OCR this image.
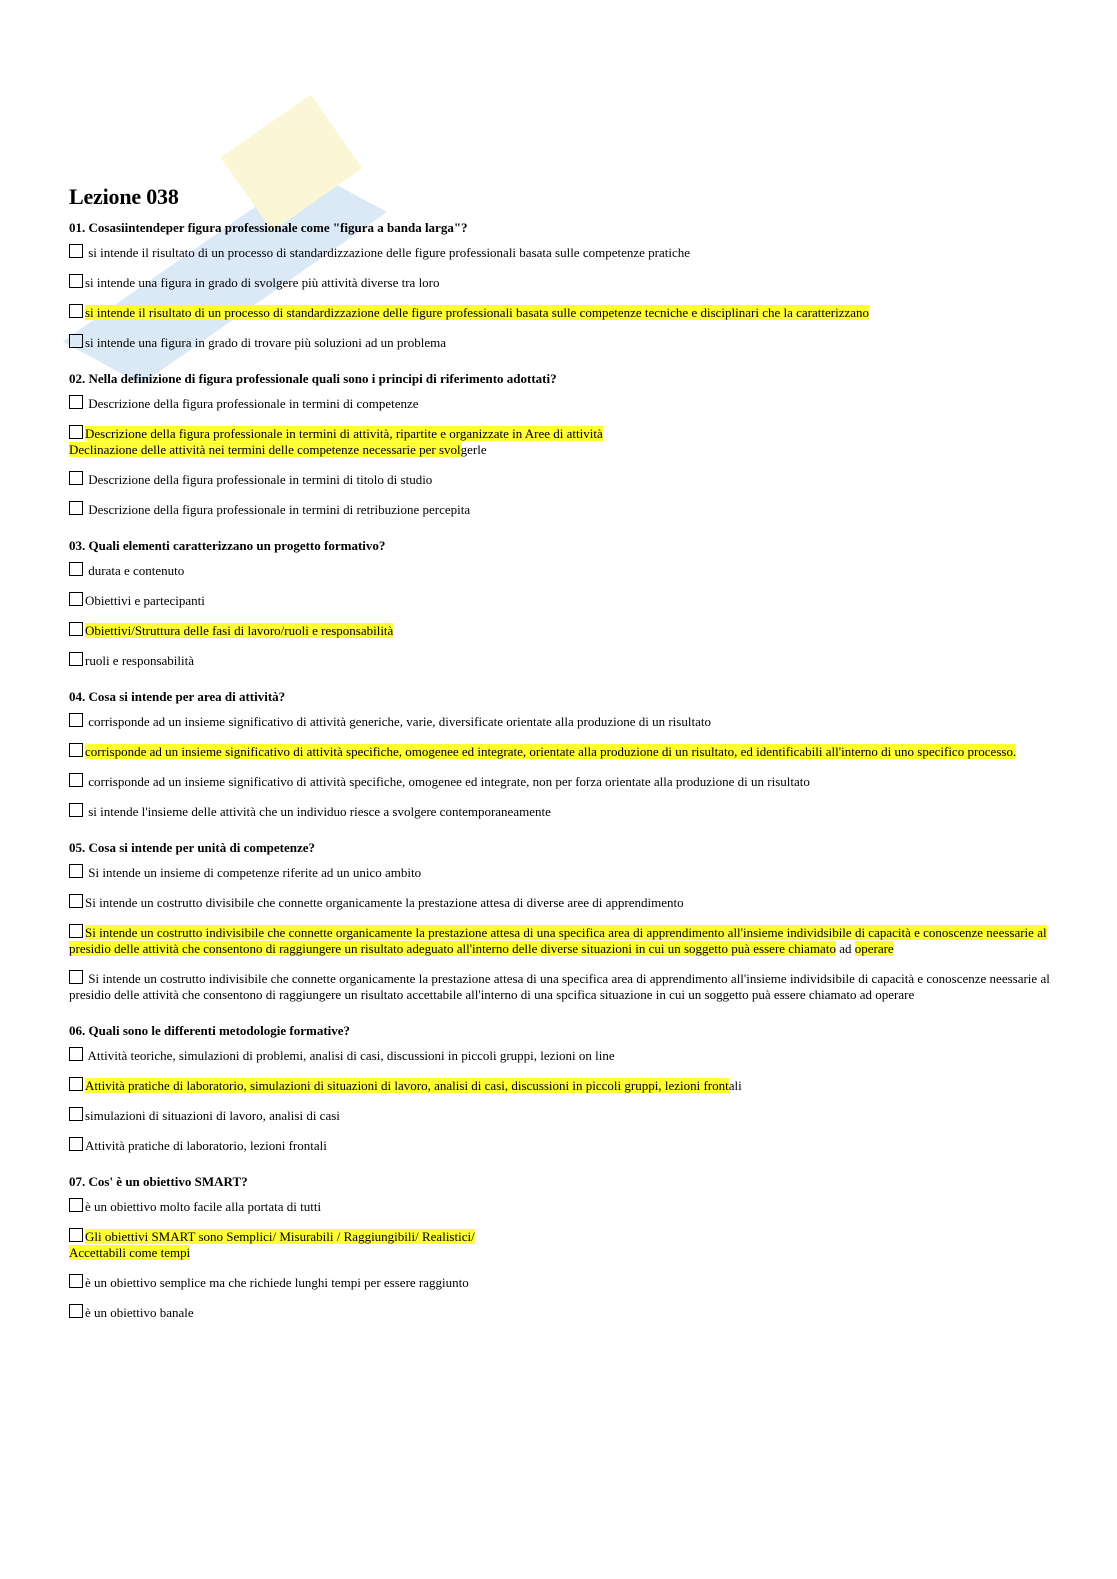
Lezione 038
01. Cosasiintendeper figura professionale come "figura a banda larga"?
si intende il risultato di un processo di standardizzazione delle figure professionali basata sulle competenze pratiche
si intende una figura in grado di svolgere più attività diverse tra loro
si intende il risultato di un processo di standardizzazione delle figure professionali basata sulle competenze tecniche e disciplinari che la caratterizzano
si intende una figura in grado di trovare più soluzioni ad un problema
02. Nella definizione di figura professionale quali sono i principi di riferimento adottati?
Descrizione della figura professionale in termini di competenze
Descrizione della figura professionale in termini di attività, ripartite e organizzate in Aree di attività
Declinazione delle attività nei termini delle competenze necessarie per svolgerle
Descrizione della figura professionale in termini di titolo di studio
Descrizione della figura professionale in termini di retribuzione percepita
03. Quali elementi caratterizzano un progetto formativo?
durata e contenuto
Obiettivi e partecipanti
Obiettivi/Struttura delle fasi di lavoro/ruoli e responsabilità
ruoli e responsabilità
04. Cosa si intende per area di attività?
corrisponde ad un insieme significativo di attività generiche, varie, diversificate orientate alla produzione di un risultato
corrisponde ad un insieme significativo di attività specifiche, omogenee ed integrate, orientate alla produzione di un risultato, ed identificabili all'interno di uno specifico processo.
corrisponde ad un insieme significativo di attività specifiche, omogenee ed integrate, non per forza orientate alla produzione di un risultato
si intende l'insieme delle attività che un individuo riesce a svolgere contemporaneamente
05. Cosa si intende per unità di competenze?
Si intende un insieme di competenze riferite ad un unico ambito
Si intende un costrutto divisibile che connette organicamente la prestazione attesa di diverse aree di apprendimento
Si intende un costrutto indivisibile che connette organicamente la prestazione attesa di una specifica area di apprendimento all'insieme individsibile di capacità e conoscenze neessarie al presidio delle attività che consentono di raggiungere un risultato adeguato all'interno delle diverse situazioni in cui un soggetto puà essere chiamato ad operare
Si intende un costrutto indivisibile che connette organicamente la prestazione attesa di una specifica area di apprendimento all'insieme individsibile di capacità e conoscenze neessarie al presidio delle attività che consentono di raggiungere un risultato accettabile all'interno di una spcifica situazione in cui un soggetto puà essere chiamato ad operare
06. Quali sono le differenti metodologie formative?
Attività teoriche, simulazioni di problemi, analisi di casi, discussioni in piccoli gruppi, lezioni on line
Attività pratiche di laboratorio, simulazioni di situazioni di lavoro, analisi di casi, discussioni in piccoli gruppi, lezioni frontali
simulazioni di situazioni di lavoro, analisi di casi
Attività pratiche di laboratorio, lezioni frontali
07. Cos' è un obiettivo SMART?
è un obiettivo molto facile alla portata di tutti
Gli obiettivi SMART sono Semplici/ Misurabili / Raggiungibili/ Realistici/
Accettabili come tempi
è un obiettivo semplice ma che richiede lunghi tempi per essere raggiunto
è un obiettivo banale
